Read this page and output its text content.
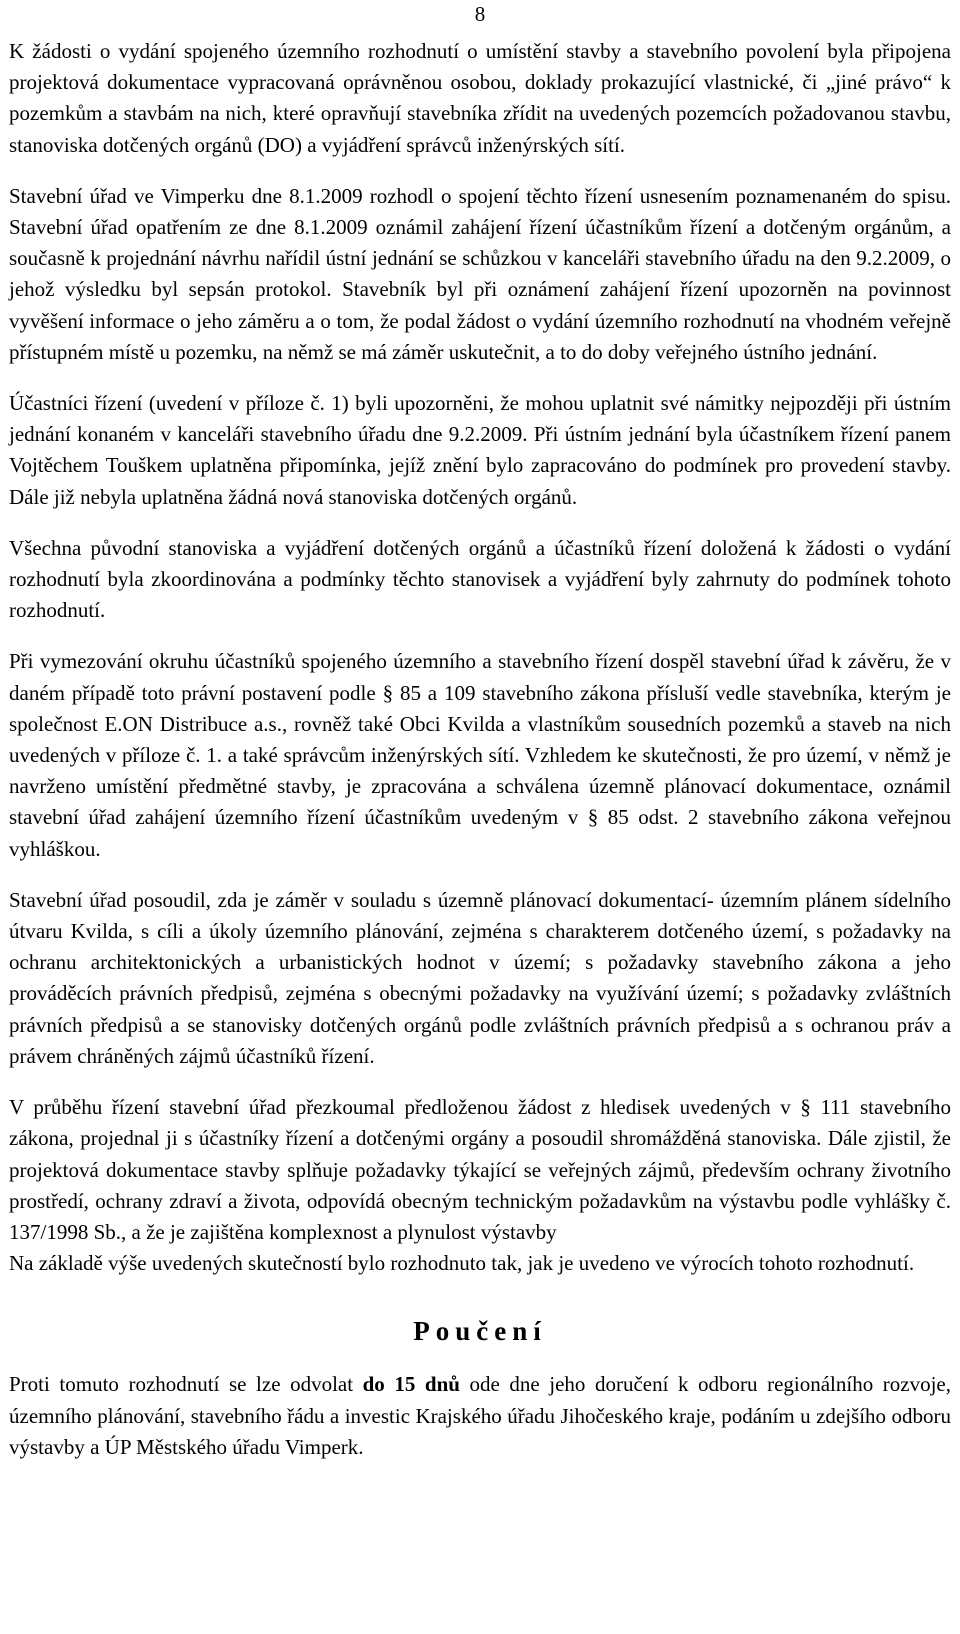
8

K žádosti o vydání spojeného územního rozhodnutí o umístění stavby a stavebního povolení byla připojena projektová dokumentace vypracovaná oprávněnou osobou, doklady prokazující vlastnické, či „jiné právo“ k pozemkům a stavbám na nich, které opravňují stavebníka zřídit na uvedených pozemcích požadovanou stavbu, stanoviska dotčených orgánů (DO) a vyjádření správců inženýrských sítí.

Stavební úřad ve Vimperku dne 8.1.2009 rozhodl o spojení těchto řízení usnesením poznamenaném do spisu. Stavební úřad opatřením ze dne 8.1.2009 oznámil zahájení řízení účastníkům řízení a dotčeným orgánům, a současně k projednání návrhu nařídil ústní jednání se schůzkou v kanceláři stavebního úřadu na den 9.2.2009, o jehož výsledku byl sepsán protokol. Stavebník byl při oznámení zahájení řízení upozorněn na povinnost vyvěšení informace o jeho záměru a o tom, že podal žádost o vydání územního rozhodnutí na vhodném veřejně přístupném místě u pozemku, na němž se má záměr uskutečnit, a to do doby veřejného ústního jednání.

Účastníci řízení (uvedení v příloze č. 1) byli upozorněni, že mohou uplatnit své námitky nejpozději při ústním jednání konaném v kanceláři stavebního úřadu dne 9.2.2009. Při ústním jednání byla účastníkem řízení panem Vojtěchem Touškem uplatněna připomínka, jejíž znění bylo zapracováno do podmínek pro provedení stavby. Dále již nebyla uplatněna žádná nová stanoviska dotčených orgánů.

Všechna původní stanoviska a vyjádření dotčených orgánů a účastníků řízení doložená k žádosti o vydání rozhodnutí byla zkoordinována a podmínky těchto stanovisek a vyjádření byly zahrnuty do podmínek tohoto rozhodnutí.

Při vymezování okruhu účastníků spojeného územního a stavebního řízení dospěl stavební úřad k závěru, že v daném případě toto právní postavení podle § 85 a 109 stavebního zákona přísluší vedle stavebníka, kterým je společnost E.ON Distribuce a.s., rovněž také Obci Kvilda a vlastníkům sousedních pozemků a staveb na nich uvedených v příloze č. 1. a také správcům inženýrských sítí. Vzhledem ke skutečnosti, že pro území, v němž je navrženo umístění předmětné stavby, je zpracována a schválena územně plánovací dokumentace, oznámil stavební úřad zahájení územního řízení účastníkům uvedeným v § 85 odst. 2 stavebního zákona veřejnou vyhláškou.

Stavební úřad posoudil, zda je záměr v souladu s územně plánovací dokumentací- územním plánem sídelního útvaru Kvilda, s cíli a úkoly územního plánování, zejména s charakterem dotčeného území, s požadavky na ochranu architektonických a urbanistických hodnot v území; s požadavky stavebního zákona a jeho prováděcích právních předpisů, zejména s obecnými požadavky na využívání území; s požadavky zvláštních právních předpisů a se stanovisky dotčených orgánů podle zvláštních právních předpisů a s ochranou práv a právem chráněných zájmů účastníků řízení.

V průběhu řízení stavební úřad přezkoumal předloženou žádost z hledisek uvedených v § 111 stavebního zákona, projednal ji s účastníky řízení a dotčenými orgány a posoudil shromážděná stanoviska. Dále zjistil, že projektová dokumentace stavby splňuje požadavky týkající se veřejných zájmů, především ochrany životního prostředí, ochrany zdraví a života, odpovídá obecným technickým požadavkům na výstavbu podle vyhlášky č. 137/1998 Sb., a že je zajištěna komplexnost a plynulost výstavby

Na základě výše uvedených skutečností bylo rozhodnuto tak, jak je uvedeno ve výrocích tohoto rozhodnutí.

Poučení

Proti tomuto rozhodnutí se lze odvolat do 15 dnů ode dne jeho doručení k odboru regionálního rozvoje, územního plánování, stavebního řádu a investic Krajského úřadu Jihočeského kraje, podáním u zdejšího odboru výstavby a ÚP Městského úřadu Vimperk.
